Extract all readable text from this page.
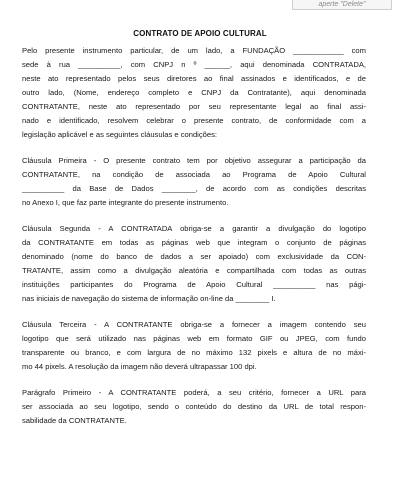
aperte "Delete"
CONTRATO DE APOIO CULTURAL
Pelo presente instrumento particular, de um lado, a FUNDAÇÃO ____________ com
sede à rua __________, com CNPJ n º ______, aqui denominada CONTRATADA,
neste ato representado pelos seus diretores ao final assinados e identificados, e de
outro lado, (Nome, endereço completo e CNPJ da Contratante), aqui denominada
CONTRATANTE, neste ato representado por seu representante legal ao final assi-
nado e identificado, resolvem celebrar o presente contrato, de conformidade com a
legislação aplicável e as seguintes cláusulas e condições:
Cláusula Primeira - O presente contrato tem por objetivo assegurar a participação da
CONTRATANTE, na condição de associada ao Programa de Apoio Cultural
__________ da Base de Dados ________, de acordo com as condições descritas
no Anexo I, que faz parte integrante do presente instrumento.
Cláusula Segunda - A CONTRATADA obriga-se a garantir a divulgação do logotipo
da CONTRATANTE em todas as páginas web que integram o conjunto de páginas
denominado (nome do banco de dados a ser apoiado) com exclusividade da CON-
TRATANTE, assim como a divulgação aleatória e compartilhada com todas as outras
instituições participantes do Programa de Apoio Cultural __________ nas pági-
nas iniciais de navegação do sistema de informação on-line da ________ I.
Cláusula Terceira - A CONTRATANTE obriga-se a fornecer a imagem contendo seu
logotipo que será utilizado nas páginas web em formato GIF ou JPEG, com fundo
transparente ou branco, e com largura de no máximo 132 pixels e altura de no máxi-
mo 44 pixels. A resolução da imagem não deverá ultrapassar 100 dpi.
Parágrafo Primeiro - A CONTRATANTE poderá, a seu critério, fornecer a URL para
ser associada ao seu logotipo, sendo o conteúdo do destino da URL de total respon-
sabilidade da CONTRATANTE.
